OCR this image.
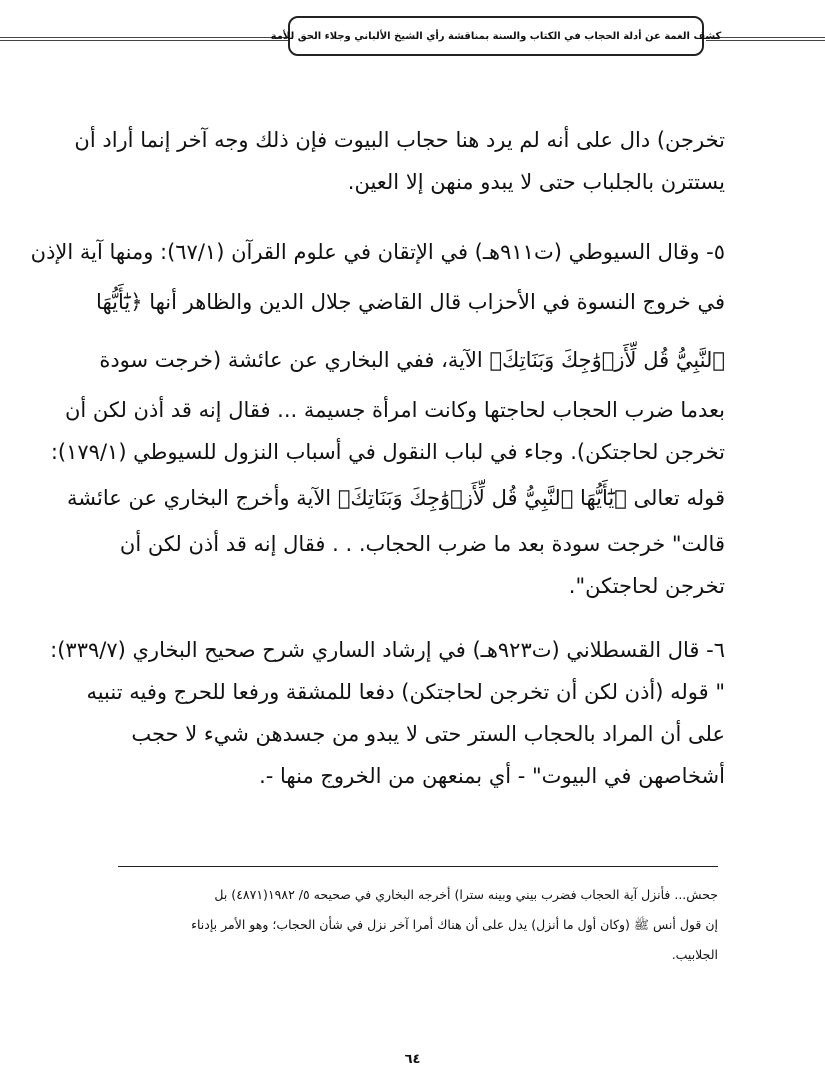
كشف الغمة عن أدلة الحجاب في الكتاب والسنة بمناقشة رأي الشيخ الألباني وجلاء الحق للأمة
تخرجن) دال على أنه لم يرد هنا حجاب البيوت فإن ذلك وجه آخر إنما أراد أن
يستترن بالجلباب حتى لا يبدو منهن إلا العين.
٥- وقال السيوطي (ت٩١١هـ) في الإتقان في علوم القرآن (٦٧/١): ومنها آية الإذن
في خروج النسوة في الأحزاب قال القاضي جلال الدين والظاهر أنها ﴿يَٰٓأَيُّهَا
ٱلنَّبِيُّ قُل لِّأَزۡوَٰجِكَ وَبَنَاتِكَ﴾ الآية، ففي البخاري عن عائشة (خرجت سودة
بعدما ضرب الحجاب لحاجتها وكانت امرأة جسيمة ... فقال إنه قد أذن لكن أن
تخرجن لحاجتكن). وجاء في لباب النقول في أسباب النزول للسيوطي (١٧٩/١):
قوله تعالى ﴿يَٰٓأَيُّهَا ٱلنَّبِيُّ قُل لِّأَزۡوَٰجِكَ وَبَنَاتِكَ﴾ الآية وأخرج البخاري عن عائشة
قالت" خرجت سودة بعد ما ضرب الحجاب. . . فقال إنه قد أذن لكن أن
تخرجن لحاجتكن".
٦- قال القسطلاني (ت٩٢٣هـ) في إرشاد الساري شرح صحيح البخاري (٣٣٩/٧):
" قوله (أذن لكن أن تخرجن لحاجتكن) دفعا للمشقة ورفعا للحرج وفيه تنبيه
على أن المراد بالحجاب الستر حتى لا يبدو من جسدهن شيء لا حجب
أشخاصهن في البيوت" - أي بمنعهن من الخروج منها -.
جحش... فأنزل آية الحجاب فضرب بيني وبينه سترا) أخرجه البخاري في صحيحه ٥/ ١٩٨٢(٤٨٧١) بل
إن قول أنس ﷺ (وكان أول ما أنزل) يدل على أن هناك أمرا آخر نزل في شأن الحجاب؛ وهو الأمر بإدناء
الجلابيب.
٦٤
